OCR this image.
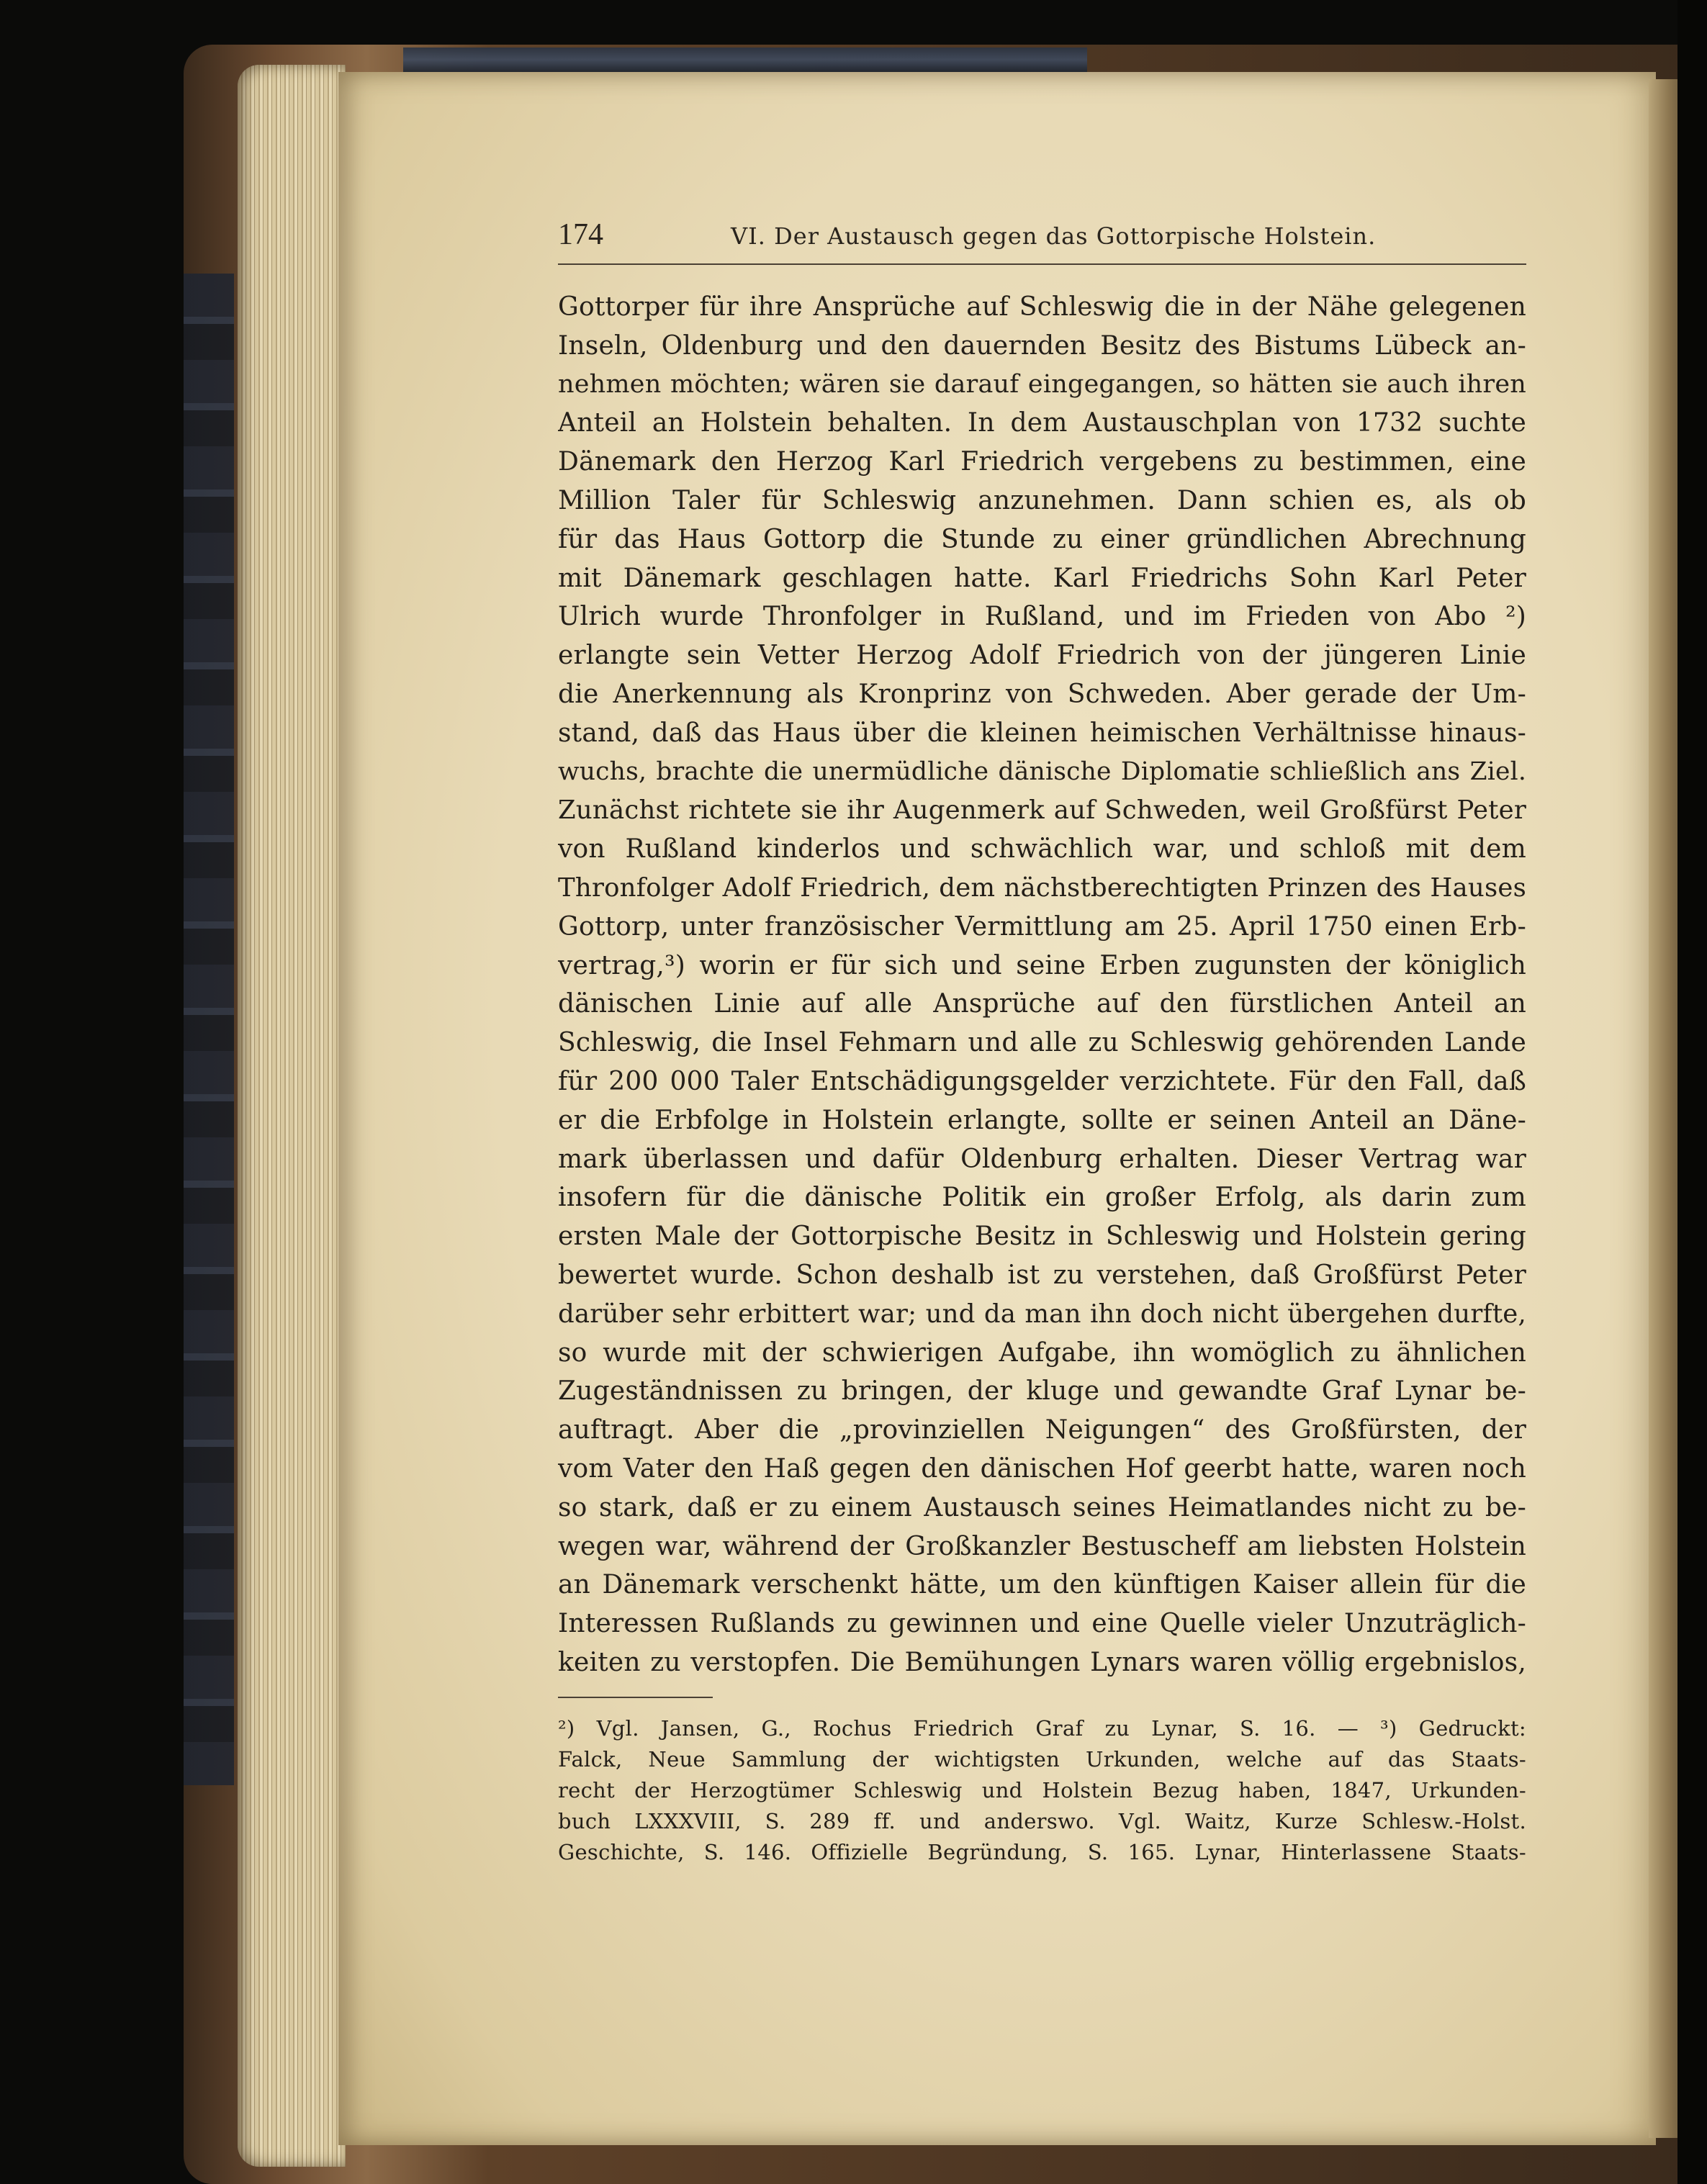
174	VI. Der Austausch gegen das Gottorpische Holstein.
Gottorper für ihre Ansprüche auf Schleswig die in der Nähe gelegenen
Inseln, Oldenburg und den dauernden Besitz des Bistums Lübeck an-
nehmen möchten; wären sie darauf eingegangen, so hätten sie auch ihren
Anteil an Holstein behalten. In dem Austauschplan von 1732 suchte
Dänemark den Herzog Karl Friedrich vergebens zu bestimmen, eine
Million Taler für Schleswig anzunehmen. Dann schien es, als ob
für das Haus Gottorp die Stunde zu einer gründlichen Abrechnung
mit Dänemark geschlagen hatte. Karl Friedrichs Sohn Karl Peter
Ulrich wurde Thronfolger in Rußland, und im Frieden von Abo ²)
erlangte sein Vetter Herzog Adolf Friedrich von der jüngeren Linie
die Anerkennung als Kronprinz von Schweden. Aber gerade der Um-
stand, daß das Haus über die kleinen heimischen Verhältnisse hinaus-
wuchs, brachte die unermüdliche dänische Diplomatie schließlich ans Ziel.
Zunächst richtete sie ihr Augenmerk auf Schweden, weil Großfürst Peter
von Rußland kinderlos und schwächlich war, und schloß mit dem
Thronfolger Adolf Friedrich, dem nächstberechtigten Prinzen des Hauses
Gottorp, unter französischer Vermittlung am 25. April 1750 einen Erb-
vertrag,³) worin er für sich und seine Erben zugunsten der königlich
dänischen Linie auf alle Ansprüche auf den fürstlichen Anteil an
Schleswig, die Insel Fehmarn und alle zu Schleswig gehörenden Lande
für 200 000 Taler Entschädigungsgelder verzichtete. Für den Fall, daß
er die Erbfolge in Holstein erlangte, sollte er seinen Anteil an Däne-
mark überlassen und dafür Oldenburg erhalten. Dieser Vertrag war
insofern für die dänische Politik ein großer Erfolg, als darin zum
ersten Male der Gottorpische Besitz in Schleswig und Holstein gering
bewertet wurde. Schon deshalb ist zu verstehen, daß Großfürst Peter
darüber sehr erbittert war; und da man ihn doch nicht übergehen durfte,
so wurde mit der schwierigen Aufgabe, ihn womöglich zu ähnlichen
Zugeständnissen zu bringen, der kluge und gewandte Graf Lynar be-
auftragt. Aber die „provinziellen Neigungen“ des Großfürsten, der
vom Vater den Haß gegen den dänischen Hof geerbt hatte, waren noch
so stark, daß er zu einem Austausch seines Heimatlandes nicht zu be-
wegen war, während der Großkanzler Bestuscheff am liebsten Holstein
an Dänemark verschenkt hätte, um den künftigen Kaiser allein für die
Interessen Rußlands zu gewinnen und eine Quelle vieler Unzuträglich-
keiten zu verstopfen. Die Bemühungen Lynars waren völlig ergebnislos,
²) Vgl. Jansen, G., Rochus Friedrich Graf zu Lynar, S. 16. — ³) Gedruckt:
Falck, Neue Sammlung der wichtigsten Urkunden, welche auf das Staats-
recht der Herzogtümer Schleswig und Holstein Bezug haben, 1847, Urkunden-
buch LXXXVIII, S. 289 ff. und anderswo. Vgl. Waitz, Kurze Schlesw.-Holst.
Geschichte, S. 146. Offizielle Begründung, S. 165. Lynar, Hinterlassene Staats-
